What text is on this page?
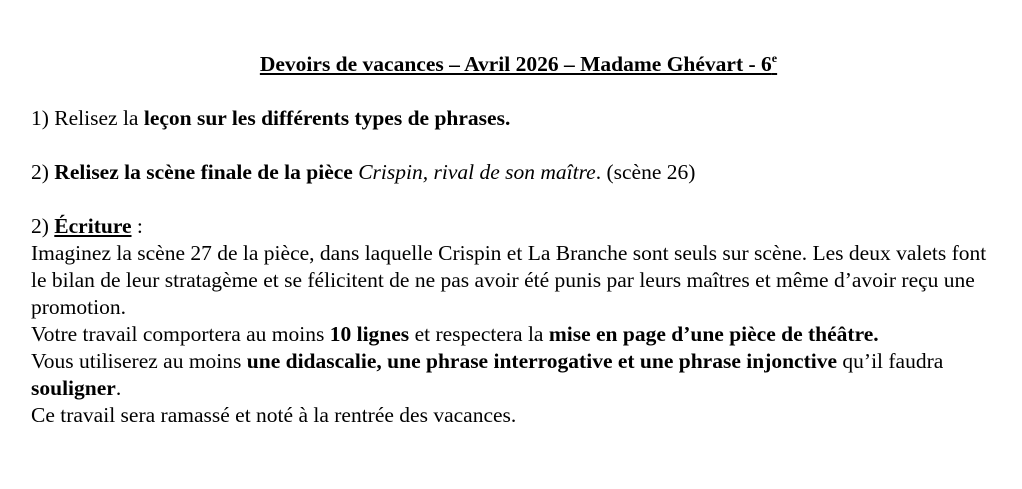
Devoirs de vacances – Avril 2026 – Madame Ghévart - 6e

1) Relisez la leçon sur les différents types de phrases.

2) Relisez la scène finale de la pièce Crispin, rival de son maître. (scène 26)

2) Écriture :

Imaginez la scène 27 de la pièce, dans laquelle Crispin et La Branche sont seuls sur scène. Les deux valets font le bilan de leur stratagème et se félicitent de ne pas avoir été punis par leurs maîtres et même d’avoir reçu une promotion.

Votre travail comportera au moins 10 lignes et respectera la mise en page d’une pièce de théâtre.

Vous utiliserez au moins une didascalie, une phrase interrogative et une phrase injonctive qu’il faudra souligner.

Ce travail sera ramassé et noté à la rentrée des vacances.
